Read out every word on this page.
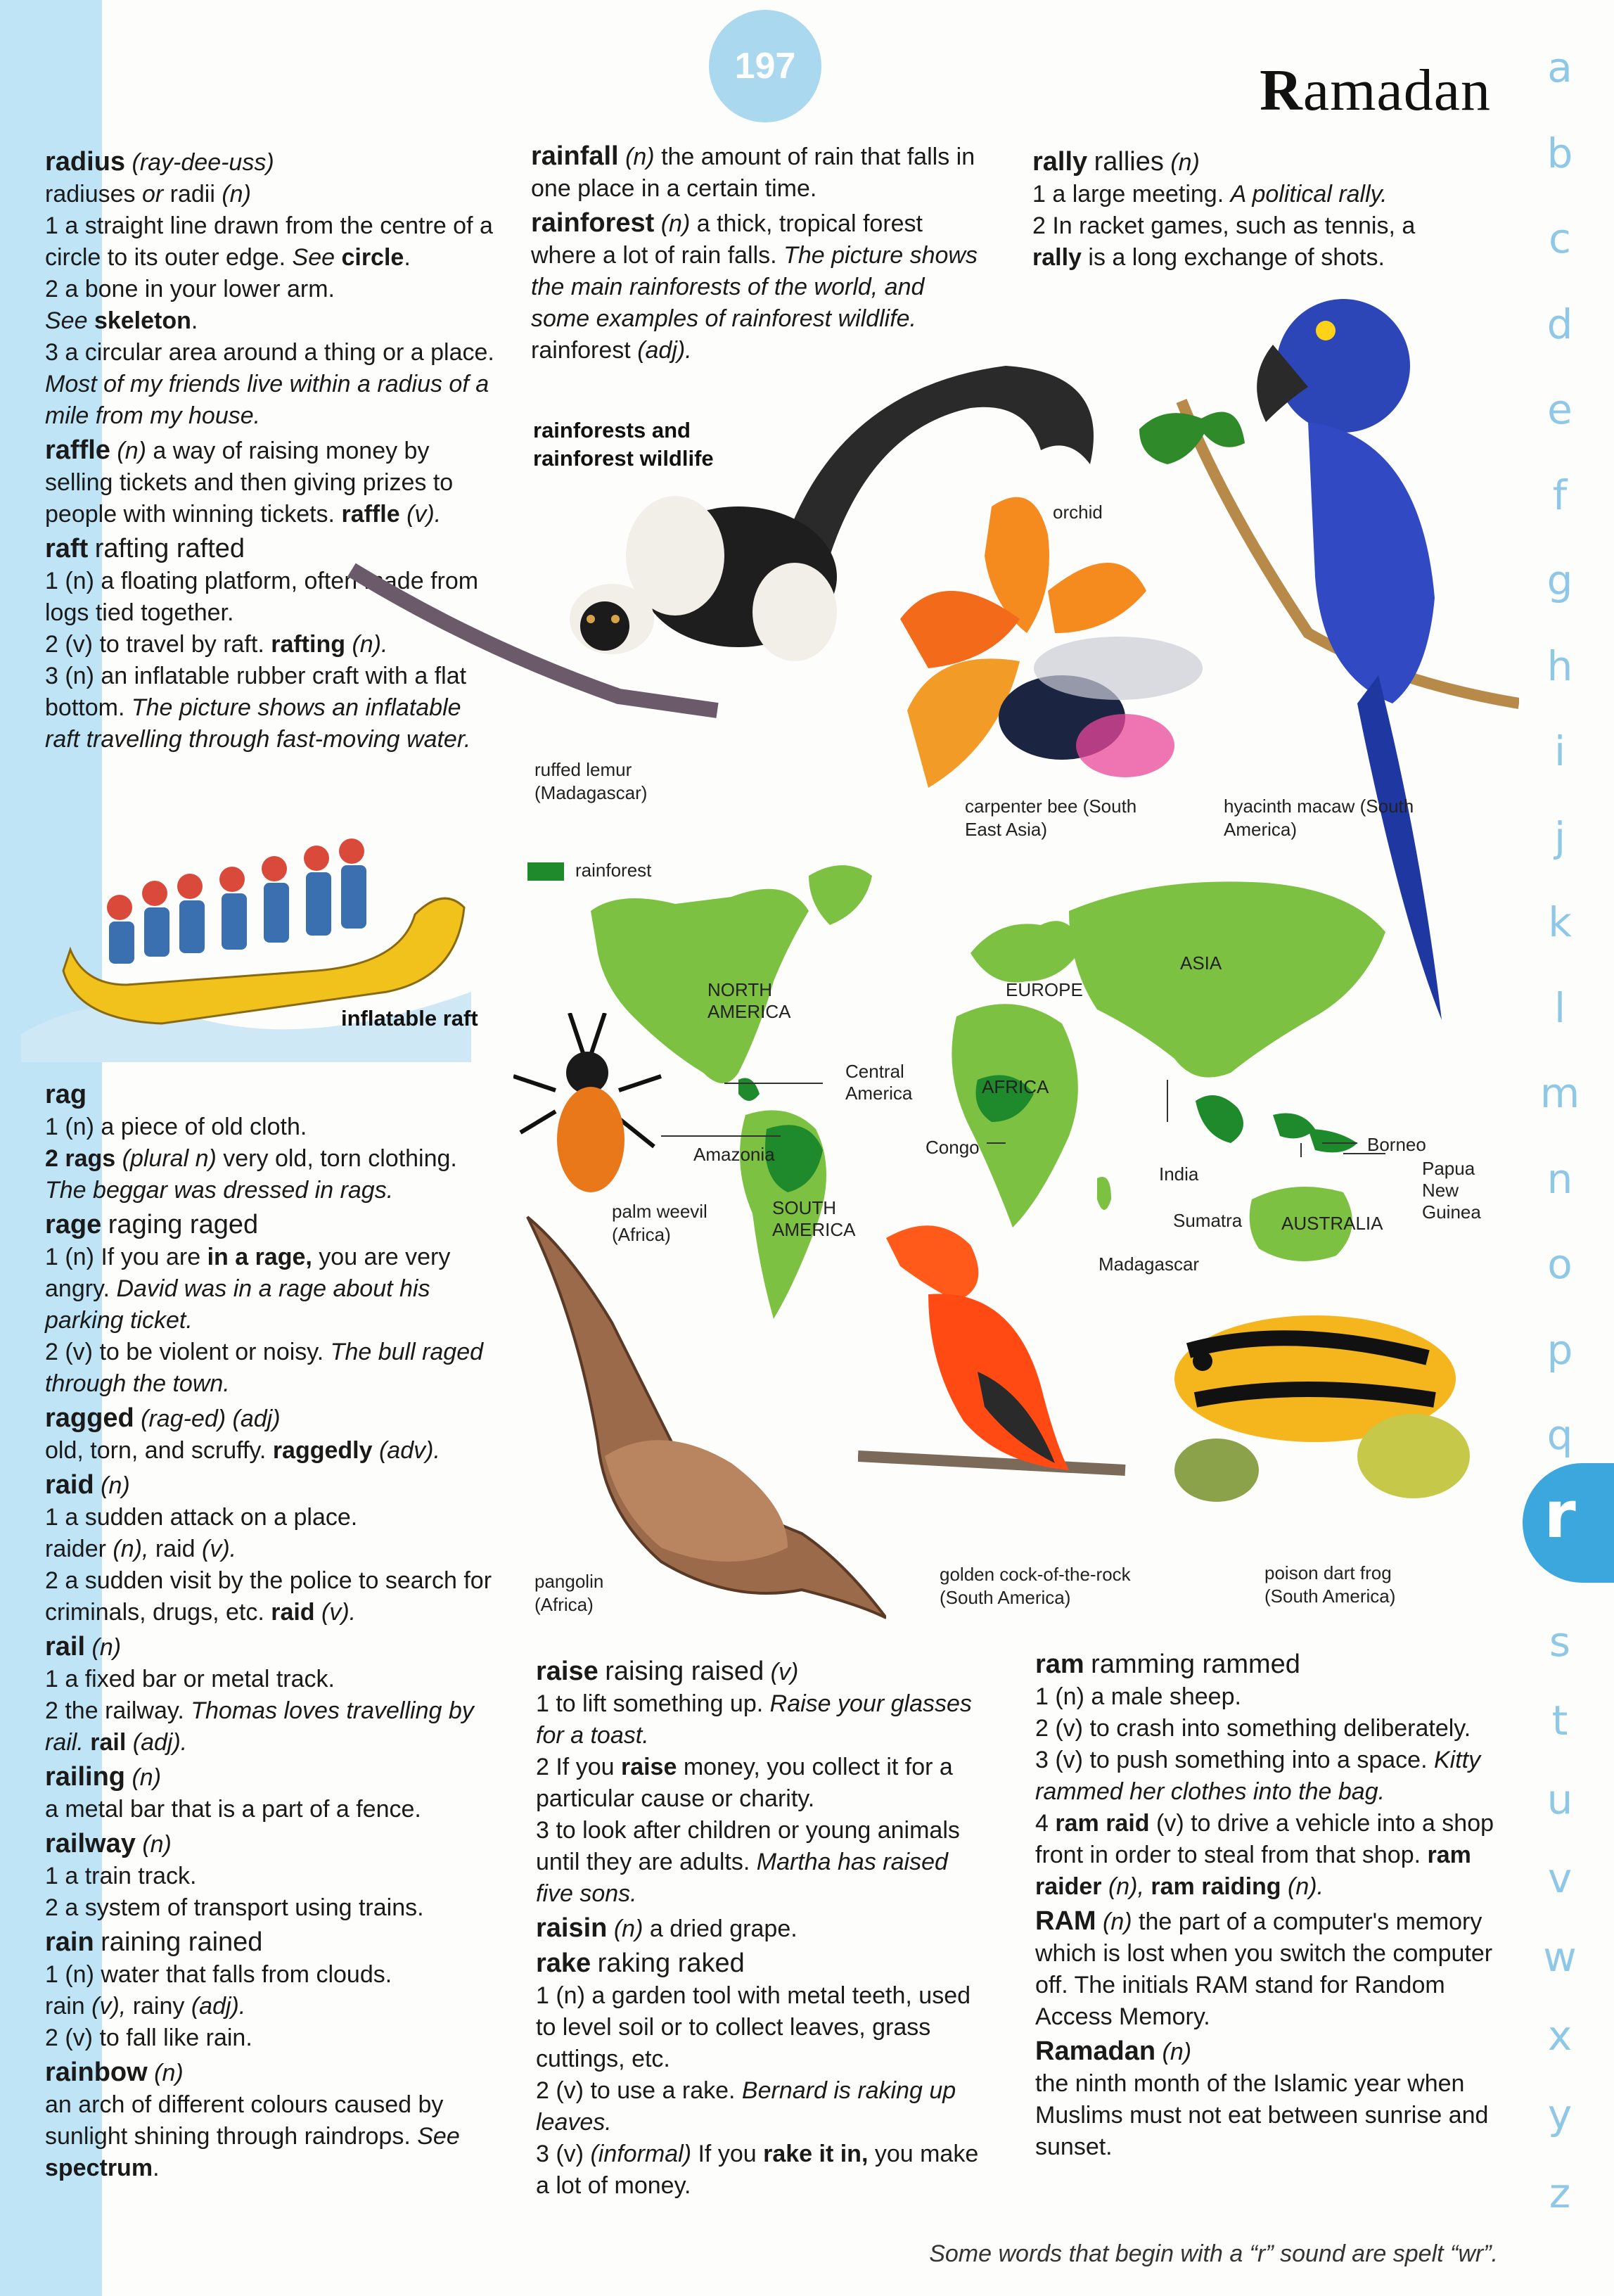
a
b
c
d
e
f
g
h
i
j
k
l
m
n
o
p
q
r
s
t
u
v
w
x
y
z
197	Ramadan

radius (ray-dee-uss)
radiuses or radii (n)
1 a straight line drawn from the centre of a circle to its outer edge. See circle.
2 a bone in your lower arm.
See skeleton.
3 a circular area around a thing or a place. Most of my friends live within a radius of a mile from my house.

raffle (n) a way of raising money by selling tickets and then giving prizes to people with winning tickets. raffle (v).

raft rafting rafted
1 (n) a floating platform, often made from logs tied together.
2 (v) to travel by raft. rafting (n).
3 (n) an inflatable rubber craft with a flat bottom. The picture shows an inflatable raft travelling through fast-moving water.

inflatable raft

rag
1 (n) a piece of old cloth.
2 rags (plural n) very old, torn clothing. The beggar was dressed in rags.

rage raging raged
1 (n) If you are in a rage, you are very angry. David was in a rage about his parking ticket.
2 (v) to be violent or noisy. The bull raged through the town.

ragged (rag-ed) (adj)
old, torn, and scruffy. raggedly (adv).

raid (n)
1 a sudden attack on a place.
raider (n), raid (v).
2 a sudden visit by the police to search for criminals, drugs, etc. raid (v).

rail (n)
1 a fixed bar or metal track.
2 the railway. Thomas loves travelling by rail. rail (adj).

railing (n)
a metal bar that is a part of a fence.

railway (n)
1 a train track.
2 a system of transport using trains.

rain raining rained
1 (n) water that falls from clouds.
rain (v), rainy (adj).
2 (v) to fall like rain.

rainbow (n)
an arch of different colours caused by sunlight shining through raindrops. See spectrum.

rainfall (n) the amount of rain that falls in one place in a certain time.

rainforest (n) a thick, tropical forest where a lot of rain falls. The picture shows the main rainforests of the world, and some examples of rainforest wildlife.
rainforest (adj).

rainforests and rainforest wildlife

rally rallies (n)
1 a large meeting. A political rally.
2 In racket games, such as tennis, a rally is a long exchange of shots.

ruffed lemur (Madagascar)
orchid
carpenter bee (South East Asia)
hyacinth macaw (South America)
rainforest
NORTH AMERICA
Central America
Amazonia
SOUTH AMERICA
EUROPE
ASIA
AFRICA
Congo
India
Sumatra
Borneo
Papua New Guinea
AUSTRALIA
Madagascar
palm weevil (Africa)
pangolin (Africa)
golden cock-of-the-rock (South America)
poison dart frog (South America)

raise raising raised (v)
1 to lift something up. Raise your glasses for a toast.
2 If you raise money, you collect it for a particular cause or charity.
3 to look after children or young animals until they are adults. Martha has raised five sons.

raisin (n) a dried grape.

rake raking raked
1 (n) a garden tool with metal teeth, used to level soil or to collect leaves, grass cuttings, etc.
2 (v) to use a rake. Bernard is raking up leaves.
3 (v) (informal) If you rake it in, you make a lot of money.

ram ramming rammed
1 (n) a male sheep.
2 (v) to crash into something deliberately.
3 (v) to push something into a space. Kitty rammed her clothes into the bag.
4 ram raid (v) to drive a vehicle into a shop front in order to steal from that shop. ram raider (n), ram raiding (n).

RAM (n) the part of a computer's memory which is lost when you switch the computer off. The initials RAM stand for Random Access Memory.

Ramadan (n)
the ninth month of the Islamic year when Muslims must not eat between sunrise and sunset.

Some words that begin with a “r” sound are spelt “wr”.
